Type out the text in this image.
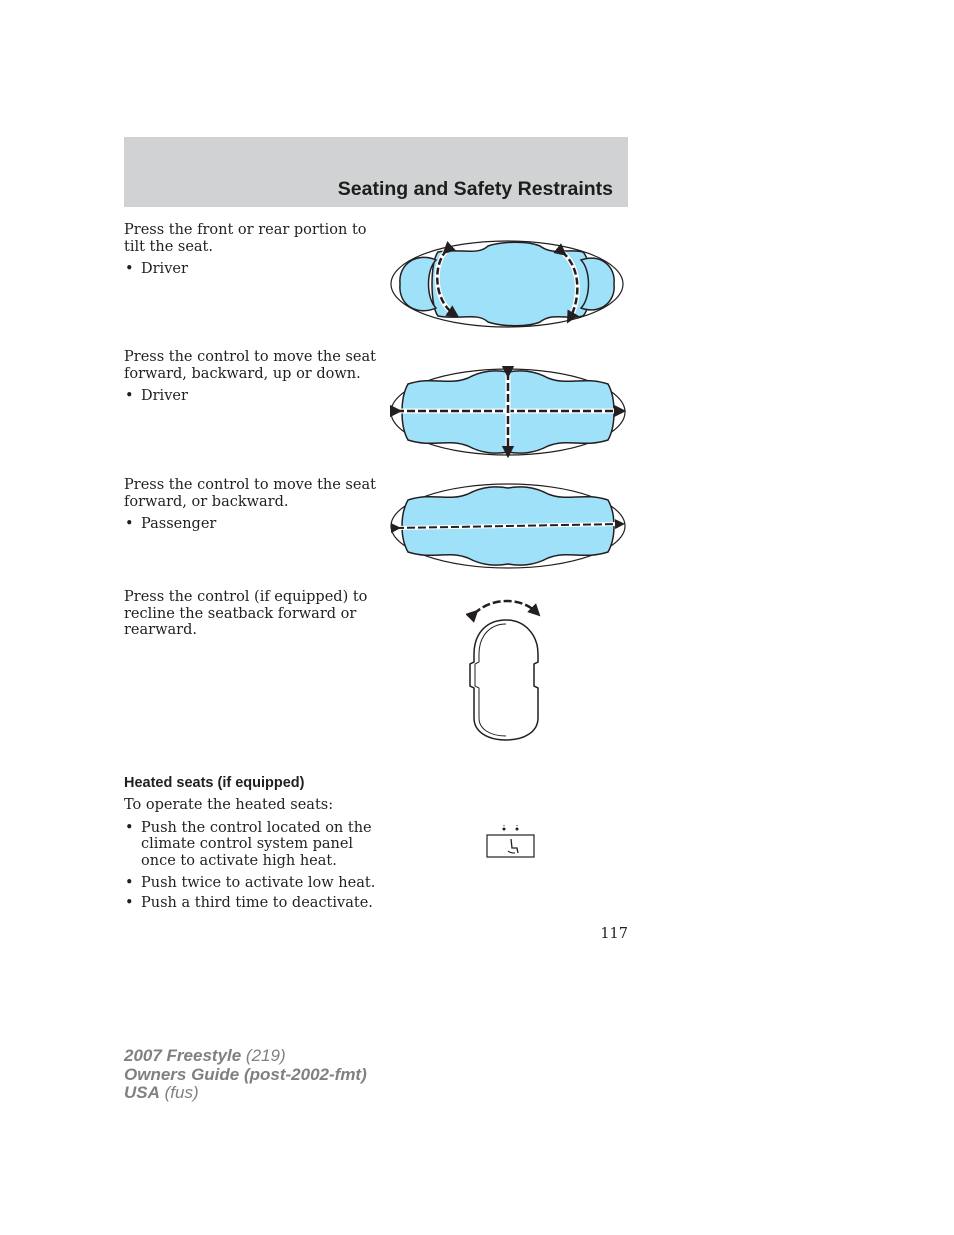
Seating and Safety Restraints

Press the front or rear portion to tilt the seat.

• Driver

Press the control to move the seat forward, backward, up or down.

• Driver

Press the control to move the seat forward, or backward.

• Passenger

Press the control (if equipped) to recline the seatback forward or rearward.

Heated seats (if equipped)

To operate the heated seats:

• Push the control located on the climate control system panel once to activate high heat.
• Push twice to activate low heat.
• Push a third time to deactivate.
117
2007 Freestyle (219)
Owners Guide (post-2002-fmt)
USA (fus)
